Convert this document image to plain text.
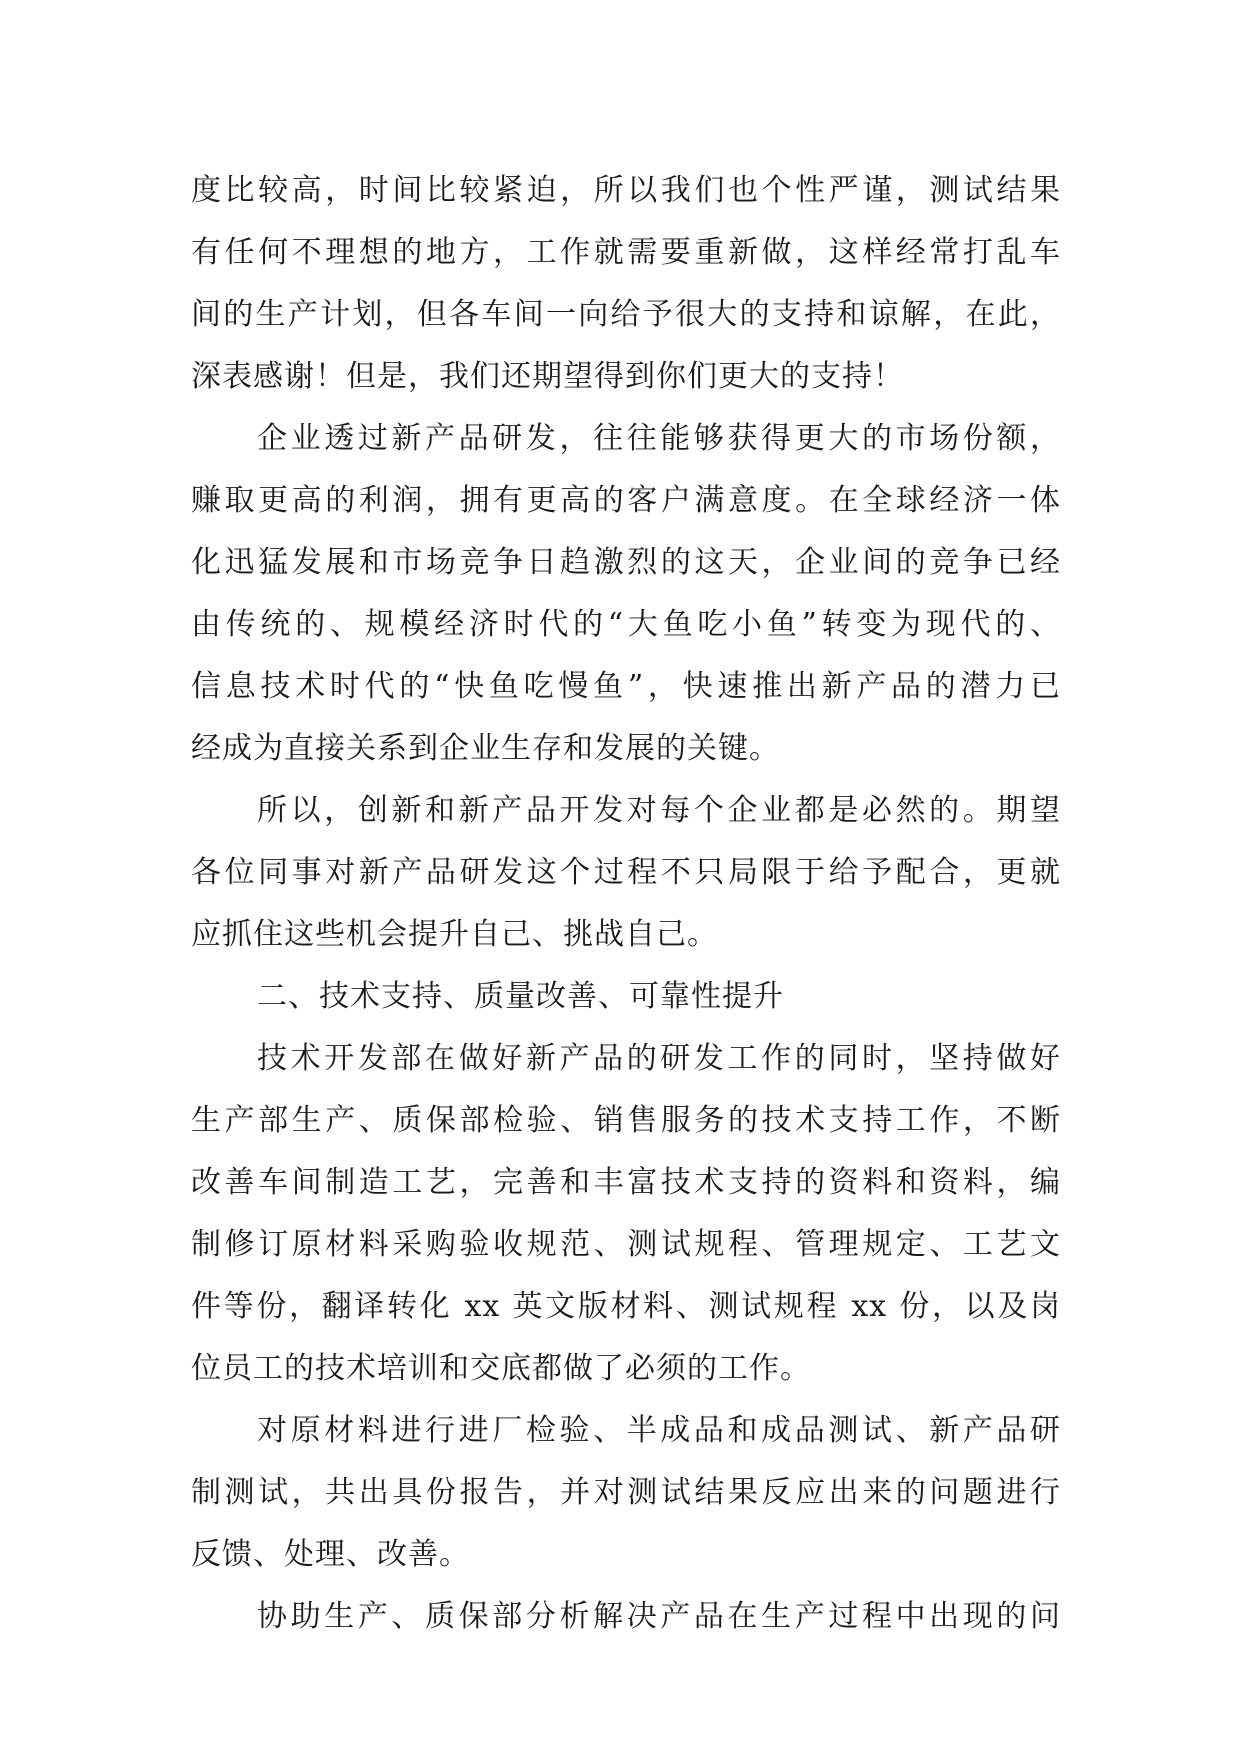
度比较高，时间比较紧迫，所以我们也个性严谨，测试结果
有任何不理想的地方，工作就需要重新做，这样经常打乱车
间的生产计划，但各车间一向给予很大的支持和谅解，在此，
深表感谢！但是，我们还期望得到你们更大的支持！
企业透过新产品研发，往往能够获得更大的市场份额，
赚取更高的利润，拥有更高的客户满意度。在全球经济一体
化迅猛发展和市场竞争日趋激烈的这天，企业间的竞争已经
由传统的、规模经济时代的“大鱼吃小鱼”转变为现代的、
信息技术时代的“快鱼吃慢鱼”，快速推出新产品的潜力已
经成为直接关系到企业生存和发展的关键。
所以，创新和新产品开发对每个企业都是必然的。期望
各位同事对新产品研发这个过程不只局限于给予配合，更就
应抓住这些机会提升自己、挑战自己。
二、技术支持、质量改善、可靠性提升
技术开发部在做好新产品的研发工作的同时，坚持做好
生产部生产、质保部检验、销售服务的技术支持工作，不断
改善车间制造工艺，完善和丰富技术支持的资料和资料，编
制修订原材料采购验收规范、测试规程、管理规定、工艺文
件等份，翻译转化 xx 英文版材料、测试规程 xx 份，以及岗
位员工的技术培训和交底都做了必须的工作。
对原材料进行进厂检验、半成品和成品测试、新产品研
制测试，共出具份报告，并对测试结果反应出来的问题进行
反馈、处理、改善。
协助生产、质保部分析解决产品在生产过程中出现的问
